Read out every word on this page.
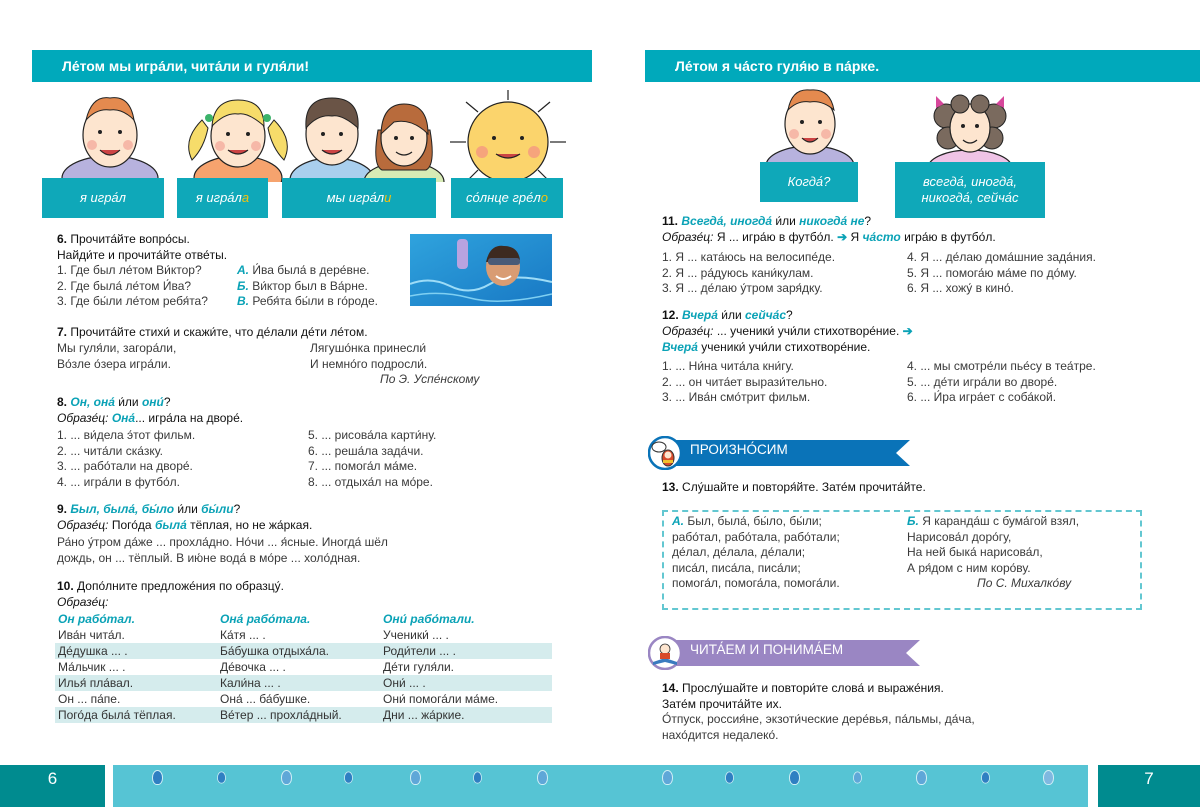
Ле́том мы игра́ли, чита́ли и гуля́ли!
я игра́л	я игра́л а	мы игра́л и	со́лнце гре́л о
6. Прочита́йте вопро́сы.
Найди́те и прочита́йте отве́ты.
1. Где был ле́том Ви́ктор?
2. Где была́ ле́том И́ва?
3. Где бы́ли ле́том ребя́та?
А. И́ва была́ в дере́вне.
Б. Ви́ктор был в Ва́рне.
В. Ребя́та бы́ли в го́роде.
7. Прочита́йте стихи́ и скажи́те, что де́лали де́ти ле́том.
Мы гуля́ли, загора́ли,
Во́зле о́зера игра́ли.
Лягушо́нка принесли́
И немно́го подросли́.
По Э. Успе́нскому
8. Он, она́ и́ли они́?
Образе́ц: Она́... игра́ла на дворе́.
1. ... ви́дела э́тот фильм.
2. ... чита́ли ска́зку.
3. ... рабо́тали на дворе́.
4. ... игра́ли в футбо́л.
5. ... рисова́ла карти́ну.
6. ... реша́ла зада́чи.
7. ... помога́л ма́ме.
8. ... отдыха́л на мо́ре.
9. Был, была́, бы́ло и́ли бы́ли?
Образе́ц: Пого́да была́ тёплая, но не жа́ркая.
Ра́но у́тром да́же ... прохла́дно. Но́чи ... я́сные. Иногда́ шёл
дождь, он ... тёплый. В ию́не вода́ в мо́ре ... холо́дная.
10. Допо́лните предложе́ния по образцу́.
Образе́ц:
Он рабо́тал.	Она́ рабо́тала.	Они́ рабо́тали.
Ива́н чита́л.	Ка́тя ... .	Ученики́ ... .
Де́душка ... .	Ба́бушка отдыха́ла.	Роди́тели ... .
Ма́льчик ... .	Де́вочка ... .	Де́ти гуля́ли.
Илья́ пла́вал.	Кали́на ... .	Они́ ... .
Он ... па́пе.	Она́ ... ба́бушке.	Они́ помога́ли ма́ме.
Пого́да была́ тёплая.	Ве́тер ... прохла́дный.	Дни ... жа́ркие.
Ле́том я ча́сто гуля́ю в па́рке.
Когда́?	всегда́, иногда́,
никогда́, сейча́с
11. Всегда́, иногда́ и́ли никогда́ не?
Образе́ц: Я ... игра́ю в футбо́л. ➔ Я ча́сто игра́ю в футбо́л.
1. Я ... ката́юсь на велосипе́де.
2. Я ... ра́дуюсь кани́кулам.
3. Я ... де́лаю у́тром заря́дку.
4. Я ... де́лаю дома́шние зада́ния.
5. Я ... помога́ю ма́ме по до́му.
6. Я ... хожу́ в кино́.
12. Вчера́ и́ли сейча́с?
Образе́ц: ... ученики́ учи́ли стихотворе́ние. ➔
Вчера́ ученики́ учи́ли стихотворе́ние.
1. ... Ни́на чита́ла кни́гу.
2. ... он чита́ет вырази́тельно.
3. ... Ива́н смо́трит фильм.
4. ... мы смотре́ли пье́су в теа́тре.
5. ... де́ти игра́ли во дворе́.
6. ... И́ра игра́ет с соба́кой.
ПРОИЗНО́СИМ
13. Слу́шайте и повторя́йте. Зате́м прочита́йте.
А. Был, была́, бы́ло, бы́ли;
рабо́тал, рабо́тала, рабо́тали;
де́лал, де́лала, де́лали;
писа́л, писа́ла, писа́ли;
помога́л, помога́ла, помога́ли.
Б. Я каранда́ш с бума́гой взял,
Нарисова́л доро́гу,
На ней быка́ нарисова́л,
А ря́дом с ним коро́ву.
По С. Михалко́ву
ЧИТА́ЕМ И ПОНИМА́ЕМ
14. Прослу́шайте и повтори́те слова́ и выраже́ния.
Зате́м прочита́йте их.
О́тпуск, россия́не, экзоти́ческие дере́вья, па́льмы, да́ча,
нахо́дится недалеко́.
6	7
